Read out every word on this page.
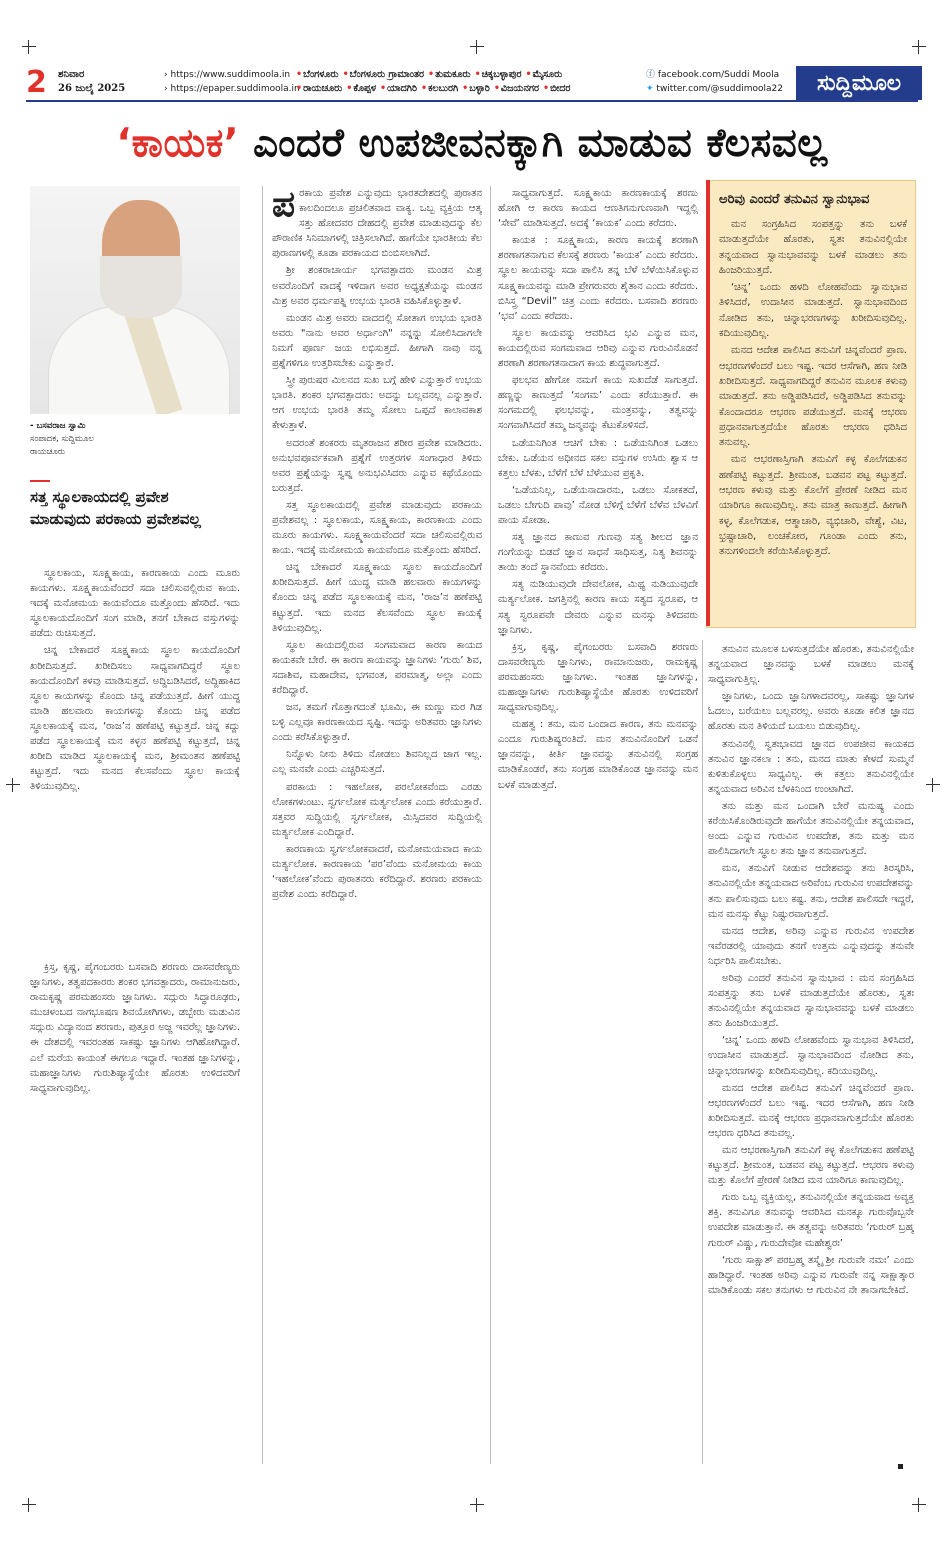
2 ಶನಿವಾರ
26 ಜುಲೈ 2025
› https://www.suddimoola.in
› https://epaper.suddimoola.in
• ಬೆಂಗಳೂರು • ಬೆಂಗಳೂರು ಗ್ರಾಮಾಂತರ • ತುಮಕೂರು • ಚಿಕ್ಕಬಳ್ಳಾಪುರ • ಮೈಸೂರು
• ರಾಯಚೂರು • ಕೊಪ್ಪಳ • ಯಾದಗಿರಿ • ಕಲಬುರಗಿ • ಬಳ್ಳಾರಿ • ವಿಜಯನಗರ • ಬೀದರ
ⓕ facebook.com/Suddi Moola
✦ twitter.com/@suddimoola22	ಸುದ್ದಿಮೂಲ
‘ಕಾಯಕ’ ಎಂದರೆ ಉಪಜೀವನಕ್ಕಾಗಿ ಮಾಡುವ ಕೆಲಸವಲ್ಲ
- ಬಸವರಾಜ ಸ್ವಾಮಿ
ಸಂಪಾದಕ, ಸುದ್ದಿಮೂಲ
ರಾಯಚೂರು
ಸತ್ತ ಸ್ಥೂಲಕಾಯದಲ್ಲಿ ಪ್ರವೇಶ ಮಾಡುವುದು ಪರಕಾಯ ಪ್ರವೇಶವಲ್ಲ

ಸ್ಥೂಲಕಾಯ, ಸೂಕ್ಷ್ಮಕಾಯ, ಕಾರಣಕಾಯ ಎಂದು ಮೂರು ಕಾಯಗಳು. ಸೂಕ್ಷ್ಮಕಾಯವೆಂದರೆ ಸದಾ ಚಲಿಸುವಲ್ಲಿರುವ ಕಾಯ. ಇದಕ್ಕೆ ಮನೋಮಯ ಕಾಯವೆಂದೂ ಮತ್ತೊಂದು ಹೆಸರಿದೆ. ಇದು ಸ್ಥೂಲಕಾಯದೊಂದಿಗೆ ಸಂಗ ಮಾಡಿ, ತನಗೆ ಬೇಕಾದ ವಸ್ತುಗಳನ್ನು ಪಡೆದು ರುಚಿಸುತ್ತದೆ.

ಚಿನ್ನ ಬೇಕಾದರೆ ಸೂಕ್ಷ್ಮಕಾಯ ಸ್ಥೂಲ ಕಾಯದೊಂದಿಗೆ ಖರೀದಿಸುತ್ತದೆ. ಖರೀದಿಸಲು ಸಾಧ್ಯವಾಗದಿದ್ದರೆ ಸ್ಥೂಲ ಕಾಯದೊಂದಿಗೆ ಕಳವು ಮಾಡಿಸುತ್ತದೆ. ಅದ್ದಿಬಡಿಸಿದರೆ, ಅದ್ದಿಹಾಕಿದ ಸ್ಥೂಲ ಕಾಯಗಳನ್ನು ಕೊಂದು ಚಿನ್ನ ಪಡೆಯುತ್ತದೆ. ಹೀಗೆ ಯುದ್ಧ ಮಾಡಿ ಹಲವಾರು ಕಾಯಗಳನ್ನು ಕೊಂದು ಚಿನ್ನ ಪಡೆದ ಸ್ಥೂಲಕಾಯಕ್ಕೆ ಮನ, ‘ರಾಜ’ನ ಹಣೆಪಟ್ಟಿ ಕಟ್ಟುತ್ತದೆ. ಚಿನ್ನ ಕದ್ದು ಪಡೆದ ಸ್ಥೂಲಕಾಯಕ್ಕೆ ಮನ ಕಳ್ಳನ ಹಣೆಪಟ್ಟಿ ಕಟ್ಟುತ್ತದೆ, ಚಿನ್ನ ಖರೀದಿ ಮಾಡಿದ ಸ್ಥೂಲಕಾಯಕ್ಕೆ ಮನ, ಶ್ರೀಮಂತನ ಹಣೆಪಟ್ಟಿ ಕಟ್ಟುತ್ತದೆ. ಇದು ಮನದ ಕೆಲಸವೆಂದು ಸ್ಥೂಲ ಕಾಯಕ್ಕೆ ತಿಳಿಯುವುದಿಲ್ಲ.

ಕ್ರಿಸ್ತ, ಕೃಷ್ಣ, ಪೈಗಂಬರರು ಬಸವಾದಿ ಶರಣರು ದಾಸವರೇಣ್ಯರು ಜ್ಞಾನಿಗಳು, ತತ್ವಪದಕಾರರು ಶಂಕರ ಭಗವತ್ಪಾದರು, ರಾಮಾನುಜರು, ರಾಮಕೃಷ್ಣ ಪರಮಹಂಸರು ಜ್ಞಾನಿಗಳು. ಸದ್ಗುರು ಸಿದ್ಧಾರೂಢರು, ಮುಚಳಂಬದ ನಾಗಭೂಷಣ ಶಿವಯೋಗಿಗಳು, ಡಬ್ಬೇರು ಮಡುವಿನ ಸದ್ಗುರು ವಿದ್ಯಾನಂದ ಶರಣರು, ಪುತ್ತೂರ ಅಜ್ಜ ಇವರೆಲ್ಲ ಜ್ಞಾನಿಗಳು. ಈ ದೇಶದಲ್ಲಿ ಇವರಂತಹ ಸಾಕಷ್ಟು ಜ್ಞಾನಿಗಳು ಆಗಿಹೋಗಿದ್ದಾರೆ. ಎಲೆ ಮರೆಯ ಕಾಯಂತೆ ಈಗಲೂ ಇದ್ದಾರೆ. ಇಂತಹ ಜ್ಞಾನಿಗಳನ್ನು, ಮಹಾಜ್ಞಾನಿಗಳು ಗುರುಶಿಷ್ಯಾಸ್ಥೆಯೇ ಹೊರತು ಉಳಿದವರಿಗೆ ಸಾಧ್ಯವಾಗುವುದಿಲ್ಲ.

ಪರಕಾಯ ಪ್ರವೇಶ ಎನ್ನುವುದು ಭಾರತದೇಶದಲ್ಲಿ ಪುರಾತನ ಕಾಲದಿಂದಲೂ ಪ್ರಚಲಿತವಾದ ವಾಕ್ಯ. ಒಬ್ಬ ವ್ಯಕ್ತಿಯ ಆತ್ಮ ಸತ್ತು ಹೋದವರ ದೇಹದಲ್ಲಿ ಪ್ರವೇಶ ಮಾಡುವುದನ್ನು ಕೆಲ ಪೌರಾಣಿಕ ಸಿನಿಮಾಗಳಲ್ಲಿ ಚಿತ್ರಿಸಲಾಗಿದೆ. ಹಾಗೆಯೇ ಭಾರತೀಯ ಕೆಲ ಪುರಾಣಗಳಲ್ಲಿ ಕೂಡಾ ಪರಕಾಯದ ಬಿಂಬಿಸಲಾಗಿದೆ.

ಶ್ರೀ ಶಂಕರಾಚಾರ್ಯ ಭಗವತ್ಪಾದರು ಮಂಡನ ಮಿಶ್ರ ಅವರೊಂದಿಗೆ ವಾದಕ್ಕೆ ಇಳಿದಾಗ ಅವರ ಅಧ್ಯಕ್ಷತೆಯನ್ನು ಮಂಡನ ಮಿಶ್ರ ಅವರ ಧರ್ಮಪತ್ನಿ ಉಭಯ ಭಾರತಿ ವಹಿಸಿಕೊಳ್ಳುತ್ತಾಳೆ.

ಮಂಡನ ಮಿಶ್ರ ಅವರು ವಾದದಲ್ಲಿ ಸೋತಾಗ ಉಭಯ ಭಾರತಿ ಅವರು "ನಾನು ಅವರ ಅರ್ಧಾಂಗಿ" ನನ್ನನ್ನು ಸೋಲಿಸಿದಾಗಲೇ ನಿಮಗೆ ಪೂರ್ಣ ಜಯ ಲಭಿಸುತ್ತದೆ. ಹೀಗಾಗಿ ನಾವು ನನ್ನ ಪ್ರಶ್ನೆಗಳಿಗೂ ಉತ್ತರಿಸಬೇಕು ಎನ್ನುತ್ತಾರೆ.

ಸ್ತ್ರೀ ಪುರುಷರ ಮಿಲನದ ಸುಖ ಬಗ್ಗೆ ಹೇಳಿ ಎನ್ನುತ್ತಾರೆ ಉಭಯ ಭಾರತಿ. ಶಂಕರ ಭಗವತ್ಪಾದರು: ಅದನ್ನು ಬಲ್ಲವನಲ್ಲ ಎನ್ನುತ್ತಾರೆ. ಆಗ ಉಭಯ ಭಾರತಿ ತಮ್ಮ ಸೋಲು ಒಪ್ಪದೆ ಕಾಲಾವಕಾಶ ಕೇಳುತ್ತಾಳೆ.

ಅದರಂತೆ ಶಂಕರರು ಮೃತರಾಜನ ಶರೀರ ಪ್ರವೇಶ ಮಾಡಿದರು. ಅನುಭವಪೂರ್ವಕವಾಗಿ ಪ್ರಶ್ನೆಗೆ ಉತ್ತರಗಳ ಸಂಗಾಧಾರ ತಿಳಿದು ಅವರ ಪ್ರಶ್ನೆಯನ್ನು ಸ್ವಪ್ನ ಅನುಭವಿಸಿದರು ಎನ್ನುವ ಕಥೆಯೊಂದು ಬರುತ್ತದೆ.

ಸತ್ತ ಸ್ಥೂಲಕಾಯದಲ್ಲಿ ಪ್ರವೇಶ ಮಾಡುವುದು ಪರಕಾಯ ಪ್ರವೇಶವಲ್ಲ : ಸ್ಥೂಲಕಾಯ, ಸೂಕ್ಷ್ಮಕಾಯ, ಕಾರಣಕಾಯ ಎಂದು ಮೂರು ಕಾಯಗಳು. ಸೂಕ್ಷ್ಮಕಾಯವೆಂದರೆ ಸದಾ ಚಲಿಸುವಲ್ಲಿರುವ ಕಾಯ. ಇದಕ್ಕೆ ಮನೋಮಯ ಕಾಯವೆಂದೂ ಮತ್ತೊಂದು ಹೆಸರಿದೆ.

ಚಿನ್ನ ಬೇಕಾದರೆ ಸೂಕ್ಷ್ಮಕಾಯ ಸ್ಥೂಲ ಕಾಯದೊಂದಿಗೆ ಖರೀದಿಸುತ್ತದೆ. ಹೀಗೆ ಯುದ್ಧ ಮಾಡಿ ಹಲವಾರು ಕಾಯಗಳನ್ನು ಕೊಂದು ಚಿನ್ನ ಪಡೆದ ಸ್ಥೂಲಕಾಯಕ್ಕೆ ಮನ, ‘ರಾಜ’ನ ಹಣೆಪಟ್ಟಿ ಕಟ್ಟುತ್ತದೆ. ಇದು ಮನದ ಕೆಲಸವೆಂದು ಸ್ಥೂಲ ಕಾಯಕ್ಕೆ ತಿಳಿಯುವುದಿಲ್ಲ.

ಸ್ಥೂಲ ಕಾಯದಲ್ಲಿರುವ ಸಂಗಮವಾದ ಕಾರಣ ಕಾಯದ ಕಾಯಕವೇ ಬೇರೆ. ಈ ಕಾರಣ ಕಾಯವನ್ನು ಜ್ಞಾನಿಗಳು ‘ಗುರು’ ಶಿವ, ಸದಾಶಿವ, ಮಹಾದೇವ, ಭಗವಂತ, ಪರಮಾತ್ಮ, ಅಲ್ಲಾ ಎಂದು ಕರೆದಿದ್ದಾರೆ.

ಜನ, ತಮಗೆ ಗೊತ್ತಾಗದಂತೆ ಭೂಮಿ, ಈ ಮಣ್ಣು ಮರ ಗಿಡ ಬಳ್ಳಿ ಎಲ್ಲವೂ ಕಾರಣಕಾಯದ ಸೃಷ್ಟಿ. ಇದನ್ನು ಅರಿತವರು ಜ್ಞಾನಿಗಳು ಎಂದು ಕರೆಸಿಕೊಳ್ಳುತ್ತಾರೆ.

ನಿನ್ನೊಳು ನೀನು ತಿಳಿದು ನೋಡಲು ಶಿವನಿಲ್ಲದ ಜಾಗ ಇಲ್ಲ. ಎಲ್ಲ ಮನವೇ ಎಂದು ಎಚ್ಚರಿಸುತ್ತದೆ.

ಪರಕಾಯ : ಇಹಲೋಕ, ಪರಲೋಕವೆಂದು ಎರಡು ಲೋಕಗಳುಂಟು. ಸ್ವರ್ಗಲೋಕ ಮರ್ತ್ಯಲೋಕ ಎಂದು ಕರೆಯುತ್ತಾರೆ. ಸತ್ತವರ ಸುದ್ದಿಯಲ್ಲಿ ಸ್ವರ್ಗಲೋಕ, ಮಿಸ್ಸಿದವರ ಸುದ್ದಿಯಲ್ಲಿ ಮರ್ತ್ಯಲೋಕ ಎಂದಿದ್ದಾರೆ.

ಕಾರಣಕಾಯ ಸ್ವರ್ಗಲೋಕವಾದರೆ, ಮನೋಮಯವಾದ ಕಾಯ ಮರ್ತ್ಯಲೋಕ. ಕಾರಣಕಾಯ ‘ಪರ’ವೆಂದು ಮನೋಮಯ ಕಾಯ ‘ಇಹಲೋಕ’ವೆಂದು ಪುರಾತನರು ಕರೆದಿದ್ದಾರೆ. ಶರಣರು ಪರಕಾಯ ಪ್ರವೇಶ ಎಂದು ಕರೆದಿದ್ದಾರೆ.

ಸಾಧ್ಯವಾಗುತ್ತದೆ. ಸೂಕ್ಷ್ಮಕಾಯ ಕಾರಣಕಾಯಕ್ಕೆ ಶರಣು ಹೋಗಿ ಆ ಕಾರಣ ಕಾಯದ ಆಣತಿಗನುಗುಣವಾಗಿ ಇದ್ದಲ್ಲಿ ‘ಸೇವೆ’ ಮಾಡಿಸುತ್ತದೆ. ಅದಕ್ಕೆ ‘ಕಾಯಕ’ ಎಂದು ಕರೆದರು.

ಕಾಯಕ : ಸೂಕ್ಷ್ಮಕಾಯ, ಕಾರಣ ಕಾಯಕ್ಕೆ ಶರಣಾಗಿ ಶರಣಾಗತನಾಗುವ ಕೆಲಸಕ್ಕೆ ಶರಣರು ‘ಕಾಯಕ’ ಎಂದು ಕರೆದರು. ಸ್ಥೂಲ ಕಾಯವನ್ನು ಸದಾ ಪಾಲಿಸಿ ತನ್ನ ಬೆಳೆ ಬೆಳೆಯಿಸಿಕೊಳ್ಳುವ ಸೂಕ್ಷ್ಮಕಾಯವನ್ನು ಮಾಡಿ ಪ್ರೇಗರುವರು ಶೈತಾನ ಎಂದು ಕರೆದರು. ಬಿಸಿಸ್ತ್ರ “Devil” ಚಿತ್ರ ಎಂದು ಕರೆದರು. ಬಸವಾದಿ ಶರಣರು ‘ಭವ’ ಎಂದು ಕರೆದರು.

ಸ್ಥೂಲ ಕಾಯವನ್ನು ಆವರಿಸಿದ ಭವಿ ಎನ್ನುವ ಮನ, ಕಾಯದಲ್ಲಿರುವ ಸಂಗಮವಾದ ಆರಿವು ಎನ್ನುವ ಗುರುವಿನೊಡನೆ ಶರಣಾಗಿ ಶರಣಾಗತನಾದಾಗ ಕಾಯ ಶುದ್ಧವಾಗುತ್ತದೆ.

ಫಲಭವ ಹೇಗೋ ನಮಗೆ ಕಾಯ ಸುಖದೆಡೆ ಸಾಗುತ್ತದೆ. ಹಣ್ಣನ್ನು ಕಾಣುತ್ತದೆ ‘ಸಂಗಮ’ ಎಂದು ಕರೆಯುತ್ತಾರೆ. ಈ ಸಂಗಮದಲ್ಲಿ ಫಲಭವನ್ನು, ಮಂತ್ರವನ್ನು, ತತ್ವವನ್ನು ಸಂಗವಾಗಿಸಿದರೆ ತಮ್ಮ ಜನ್ಮವನ್ನು ಕೆಟುಕೊಳಿಸದೆ.

ಒಡೆಯನಿಗಿಂತ ಆಚಿಗೆ ಬೇಕು : ಒಡೆಯನಿಗಿಂತ ಒಡಲು ಬೇಕು. ಒಡೆಯನ ಅಧೀನದ ಸಕಲ ವಸ್ತುಗಳ ಉಸಿರು ಶ್ವಾಸ ಆ ಕತ್ತಲು ಬೆಳಕು, ಬೆಳೆಗೆ ಬೆಳೆ ಬೆಳೆಯುವ ಪ್ರಕೃತಿ.

‘ಒಡೆಯನಿಲ್ಲ, ಒಡೆಯನಾದಾರನು, ಒಡಲು ಸೋಕತದೆ, ಒಡಲು ಬೇಗುದಿ ಪಾವು’ ನೋಡ ಬೆಳಿಗ್ಗೆ ಬೆಳೆಗೆ ಬೆಳೆವ ಬೆಳವಿಗೆ ಪಾಯ ಸೋಡಾ.

ಸತ್ಯ ಜ್ಞಾನದ ಕಾಣುವ ಗುಣವು ಸತ್ಯ ಶೀಲದ ಜ್ಞಾನ ಗಂಗೆಯನ್ನು ಬಿಡದೆ ಜ್ಞಾನ ಸಾಧನೆ ಸಾಧಿಸುತ್ತ, ನಿತ್ಯ ಶಿವನನ್ನು ತಾಯಿ ತಂದೆ ಸ್ಥಾನವೆಂದು ಕರೆದರು.

ಸತ್ಯ ನುಡಿಯುವುದೇ ದೇವಲೋಕ, ಮಿಥ್ಯ ನುಡಿಯುವುದೇ ಮರ್ತ್ಯಲೋಕ. ಜಗತ್ತಿನಲ್ಲಿ ಕಾರಣ ಕಾಯ ಸತ್ಯದ ಸ್ವರೂಪ, ಆ ಸತ್ಯ ಸ್ವರೂಪವೇ ದೇವರು ಎನ್ನುವ ಮನಸ್ಸು ತಿಳಿದವರು ಜ್ಞಾನಿಗಳು.

ಕ್ರಿಸ್ತ, ಕೃಷ್ಣ, ಪೈಗಂಬರರು ಬಸವಾದಿ ಶರಣರು ದಾಸವರೇಣ್ಯರು ಜ್ಞಾನಿಗಳು, ರಾಮಾನುಜರು, ರಾಮಕೃಷ್ಣ ಪರಮಹಂಸರು ಜ್ಞಾನಿಗಳು. ಇಂತಹ ಜ್ಞಾನಿಗಳನ್ನು, ಮಹಾಜ್ಞಾನಿಗಳು ಗುರುಶಿಷ್ಯಾಸ್ಥೆಯೇ ಹೊರತು ಉಳಿದವರಿಗೆ ಸಾಧ್ಯವಾಗುವುದಿಲ್ಲ.

ಮಹತ್ವ : ತನು, ಮನ ಒಂದಾದ ಕಾರಣ, ತನು ಮನವನ್ನು ಎಂದೂ ಗುರುಶಿಷ್ಯರಂತಿದೆ. ಮನ ತನುವಿನೊಂದಿಗೆ ಒಡನೆ ಜ್ಞಾನವನ್ನು, ಕೀರ್ತಿ ಜ್ಞಾನವನ್ನು ತನುವಿನಲ್ಲಿ ಸಂಗ್ರಹ ಮಾಡಿಕೊಂಡರೆ, ತನು ಸಂಗ್ರಹ ಮಾಡಿಕೊಂಡ ಜ್ಞಾನವನ್ನು ಮನ ಬಳಕೆ ಮಾಡುತ್ತದೆ.

ಅರಿವು ಎಂದರೆ ತನುವಿನ ಸ್ವಾನುಭಾವ

ಮನ ಸಂಗ್ರಹಿಸಿದ ಸಂಪತ್ತನ್ನು ತನು ಬಳಕೆ ಮಾಡುತ್ತದೆಯೇ ಹೊರತು, ಸ್ವತಃ ತನುವಿನಲ್ಲಿಯೇ ತನ್ನಯವಾದ ಸ್ವಾನುಭಾವವನ್ನು ಬಳಕೆ ಮಾಡಲು ತನು ಹಿಂಜರಿಯುತ್ತದೆ.

‘ಚಿನ್ನ’ ಒಂದು ಹಳದಿ ಲೋಹವೆಂದು ಸ್ವಾನುಭಾವ ತಿಳಿಸಿದರೆ, ಉದಾಸೀನ ಮಾಡುತ್ತದೆ. ಸ್ವಾನುಭಾವದಿಂದ ನೋಡಿದ ತನು, ಚಿನ್ನಾಭರಣಗಳನ್ನು ಖರೀದಿಸುವುದಿಲ್ಲ. ಕದಿಯುವುದಿಲ್ಲ.

ಮನದ ಆದೇಶ ಪಾಲಿಸಿದ ತನುವಿಗೆ ಚಿನ್ನವೆಂದರೆ ಪ್ರಾಣ. ಆಭರಣಗಳೆಂದರೆ ಬಲು ಇಷ್ಟ. ಇದರ ಆಸೆಗಾಗಿ, ಹಣ ನೀಡಿ ಖರೀದಿಸುತ್ತದೆ. ಸಾಧ್ಯವಾಗದಿದ್ದರೆ ತನುವಿನ ಮೂಲಕ ಕಳುವು ಮಾಡುತ್ತದೆ. ತನು ಅಡ್ಡಿಪಡಿಸಿದರೆ, ಅಡ್ಡಿಪಡಿಸಿದ ತನುವನ್ನು ಕೊಂದಾದರೂ ಆಭರಣ ಪಡೆಯುತ್ತದೆ. ಮನಕ್ಕೆ ಆಭರಣ ಪ್ರಧಾನವಾಗುತ್ತದೆಯೇ ಹೊರತು ಆಭರಣ ಧರಿಸಿದ ತನುವಲ್ಲ.

ಮನ ಆಭರಣಾಸ್ತಿಗಾಗಿ ತನುವಿಗೆ ಕಳ್ಳ ಕೊಲೆಗಡುಕನ ಹಣೆಪಟ್ಟಿ ಕಟ್ಟುತ್ತದೆ. ಶ್ರೀಮಂತ, ಬಡವನ ಪಟ್ಟ ಕಟ್ಟುತ್ತದೆ. ಆಭರಣ ಕಳುವು ಮತ್ತು ಕೊಲೆಗೆ ಪ್ರೇರಣೆ ನೀಡಿದ ಮನ ಯಾರಿಗೂ ಕಾಣುವುದಿಲ್ಲ. ತನು ಮಾತ್ರ ಕಾಣುತ್ತದೆ. ಹೀಗಾಗಿ ಕಳ್ಳ, ಕೊಲೆಗಡುಕ, ಆತ್ಮಾಚಾರಿ, ವ್ಯಭಿಚಾರಿ, ವೇಶ್ಯೆ, ವಿಟ, ಭ್ರಷ್ಟಾಚಾರಿ, ಲಂಚಕೋರ, ಗೂಂಡಾ ಎಂದು ತನು, ತನುಗಳಿಂದಲೇ ಕರೆಯಿಸಿಕೊಳ್ಳುತ್ತದೆ.

ತನುವಿನ ಮೂಲಕ ಬಳಸುತ್ತದೆಯೇ ಹೊರತು, ತನುವಿನಲ್ಲಿಯೇ ತನ್ನಯವಾದ ಜ್ಞಾನವನ್ನು ಬಳಕೆ ಮಾಡಲು ಮನಕ್ಕೆ ಸಾಧ್ಯವಾಗುತ್ತಿಲ್ಲ.

ಜ್ಞಾನಿಗಳು, ಒಂದು ಜ್ಞಾನಿಗಳಾದವರಲ್ಲ, ಸಾಕಷ್ಟು ಜ್ಞಾನಿಗಳ ಓದಲು, ಬರೆಯಲು ಬಲ್ಲವರಲ್ಲ. ಅವರು ಕೂಡಾ ಕಲಿತ ಜ್ಞಾನದ ಹೊರತು ಮನ ತಿಳಿಯದೆ ಬಯಲು ಬಿಡುವುದಿಲ್ಲ.

ತನುವಿನಲ್ಲಿ ಸ್ವತಃಭಾವದ ಜ್ಞಾನದ ಉಪಜೀವ ಕಾಯಕದ ತನುವಿನ ಜ್ಞಾನಕಲಾ : ತನು, ಮನದ ಮಾತು ಕೇಳದೆ ಸುಮ್ಮನೆ ಕುಳಿತುಕೊಳ್ಳಲು ಸಾಧ್ಯವಿಲ್ಲ. ಈ ಕತ್ತಲು ತನುವಿನಲ್ಲಿಯೇ ತನ್ನಯವಾದ ಅರಿವಿನ ಬೆಳಕಿನಿಂದ ಉಂಟಾಗಿದೆ.

ತನು ಮತ್ತು ಮನ ಒಂದಾಗಿ ಬೇರೆ ಮನುಷ್ಯ ಎಂದು ಕರೆಯಿಸಿಕೊಂಡಿರುವುದೇ ಹಾಗೆಯೇ ತನುವಿನಲ್ಲಿಯೇ ತನ್ನಯವಾದ, ಅಂದು ಎನ್ನುವ ಗುರುವಿನ ಉಪದೇಶ, ತನು ಮತ್ತು ಮನ ಪಾಲಿಸಿದಾಗಲೇ ಸ್ಥೂಲ ತನು ಜ್ಞಾನ ತನುವಾಗುತ್ತದೆ.

ಮನ, ತನುವಿಗೆ ನೀಡುವ ಆದೇಶವನ್ನು ತನು ತಿರಸ್ಕರಿಸಿ, ತನುವಿನಲ್ಲಿಯೇ ತನ್ನಯವಾದ ಅರಿವೆಂಬ ಗುರುವಿನ ಉಪದೇಶವನ್ನು ತನು ಪಾಲಿಸುವುದು ಬಲು ಕಷ್ಟ. ತನು, ಆದೇಶ ಪಾಲಿಸದೇ ಇದ್ದರೆ, ಮನ ಮನಸ್ಸು ಕೆಟ್ಟು ನಿಷ್ಟುರವಾಗುತ್ತದೆ.

ಮನದ ಆದೇಶ, ಅರಿವು ಎನ್ನುವ ಗುರುವಿನ ಉಪದೇಶ ಇವೆರಡರಲ್ಲಿ ಯಾವುದು ತನಗೆ ಉತ್ತಮ ಎನ್ನುವುದನ್ನು ತನುವೇ ನಿರ್ಧರಿಸಿ ಪಾಲಿಸಬೇಕು.

ಅರಿವು ಎಂದರೆ ತನುವಿನ ಸ್ವಾನುಭಾವ : ಮನ ಸಂಗ್ರಹಿಸಿದ ಸಂಪತ್ತನ್ನು ತನು ಬಳಕೆ ಮಾಡುತ್ತದೆಯೇ ಹೊರತು, ಸ್ವತಃ ತನುವಿನಲ್ಲಿಯೇ ತನ್ನಯವಾದ ಸ್ವಾನುಭಾವವನ್ನು ಬಳಕೆ ಮಾಡಲು ತನು ಹಿಂಜರಿಯುತ್ತದೆ.

‘ಚಿನ್ನ’ ಒಂದು ಹಳದಿ ಲೋಹವೆಂದು ಸ್ವಾನುಭಾವ ತಿಳಿಸಿದರೆ, ಉದಾಸೀನ ಮಾಡುತ್ತದೆ. ಸ್ವಾನುಭಾವದಿಂದ ನೋಡಿದ ತನು, ಚಿನ್ನಾಭರಣಗಳನ್ನು ಖರೀದಿಸುವುದಿಲ್ಲ. ಕದಿಯುವುದಿಲ್ಲ.

ಮನದ ಆದೇಶ ಪಾಲಿಸಿದ ತನುವಿಗೆ ಚಿನ್ನವೆಂದರೆ ಪ್ರಾಣ. ಆಭರಣಗಳೆಂದರೆ ಬಲು ಇಷ್ಟ. ಇದರ ಆಸೆಗಾಗಿ, ಹಣ ನೀಡಿ ಖರೀದಿಸುತ್ತದೆ. ಮನಕ್ಕೆ ಆಭರಣ ಪ್ರಧಾನವಾಗುತ್ತದೆಯೇ ಹೊರತು ಆಭರಣ ಧರಿಸಿದ ತನುವಲ್ಲ.

ಮನ ಆಭರಣಾಸ್ತಿಗಾಗಿ ತನುವಿಗೆ ಕಳ್ಳ ಕೊಲೆಗಡುಕನ ಹಣೆಪಟ್ಟಿ ಕಟ್ಟುತ್ತದೆ. ಶ್ರೀಮಂತ, ಬಡವನ ಪಟ್ಟ ಕಟ್ಟುತ್ತದೆ. ಆಭರಣ ಕಳುವು ಮತ್ತು ಕೊಲೆಗೆ ಪ್ರೇರಣೆ ನೀಡಿದ ಮನ ಯಾರಿಗೂ ಕಾಣುವುದಿಲ್ಲ.

ಗುರು ಒಬ್ಬ ವ್ಯಕ್ತಿಯಲ್ಲ, ತನುವಿನಲ್ಲಿಯೇ ತನ್ನಯವಾದ ಅವ್ಯಕ್ತ ಶಕ್ತಿ. ತನುವಿಗೂ ತನುವನ್ನು ಆವರಿಸಿದ ಮನಕ್ಕೂ ಗುರುವೊಬ್ಬನೇ ಉಪದೇಶ ಮಾಡುತ್ತಾನೆ. ಈ ತತ್ವವನ್ನು ಅರಿತವರು ‘ಗುರುರ್ ಬ್ರಹ್ಮ ಗುರುರ್ ವಿಷ್ಣು, ಗುರುದೇವೋ ಮಹೇಶ್ವರಃ’

‘ಗುರು ಸಾಕ್ಷಾತ್ ಪರಬ್ರಹ್ಮ ತಸ್ಮೈ ಶ್ರೀ ಗುರುವೇ ನಮಃ’ ಎಂದು ಹಾಡಿದ್ದಾರೆ. ಇಂತಹ ಅರಿವು ಎನ್ನುವ ಗುರುವೇ ನನ್ನ ಸಾಕ್ಷಾತ್ಕಾರ ಮಾಡಿಕೊಂಡು ಸಕಲ ತನುಗಳು ಆ ಗುರುವಿನ ನೇ ತಾನಾಗಬೇಕಿದೆ.
